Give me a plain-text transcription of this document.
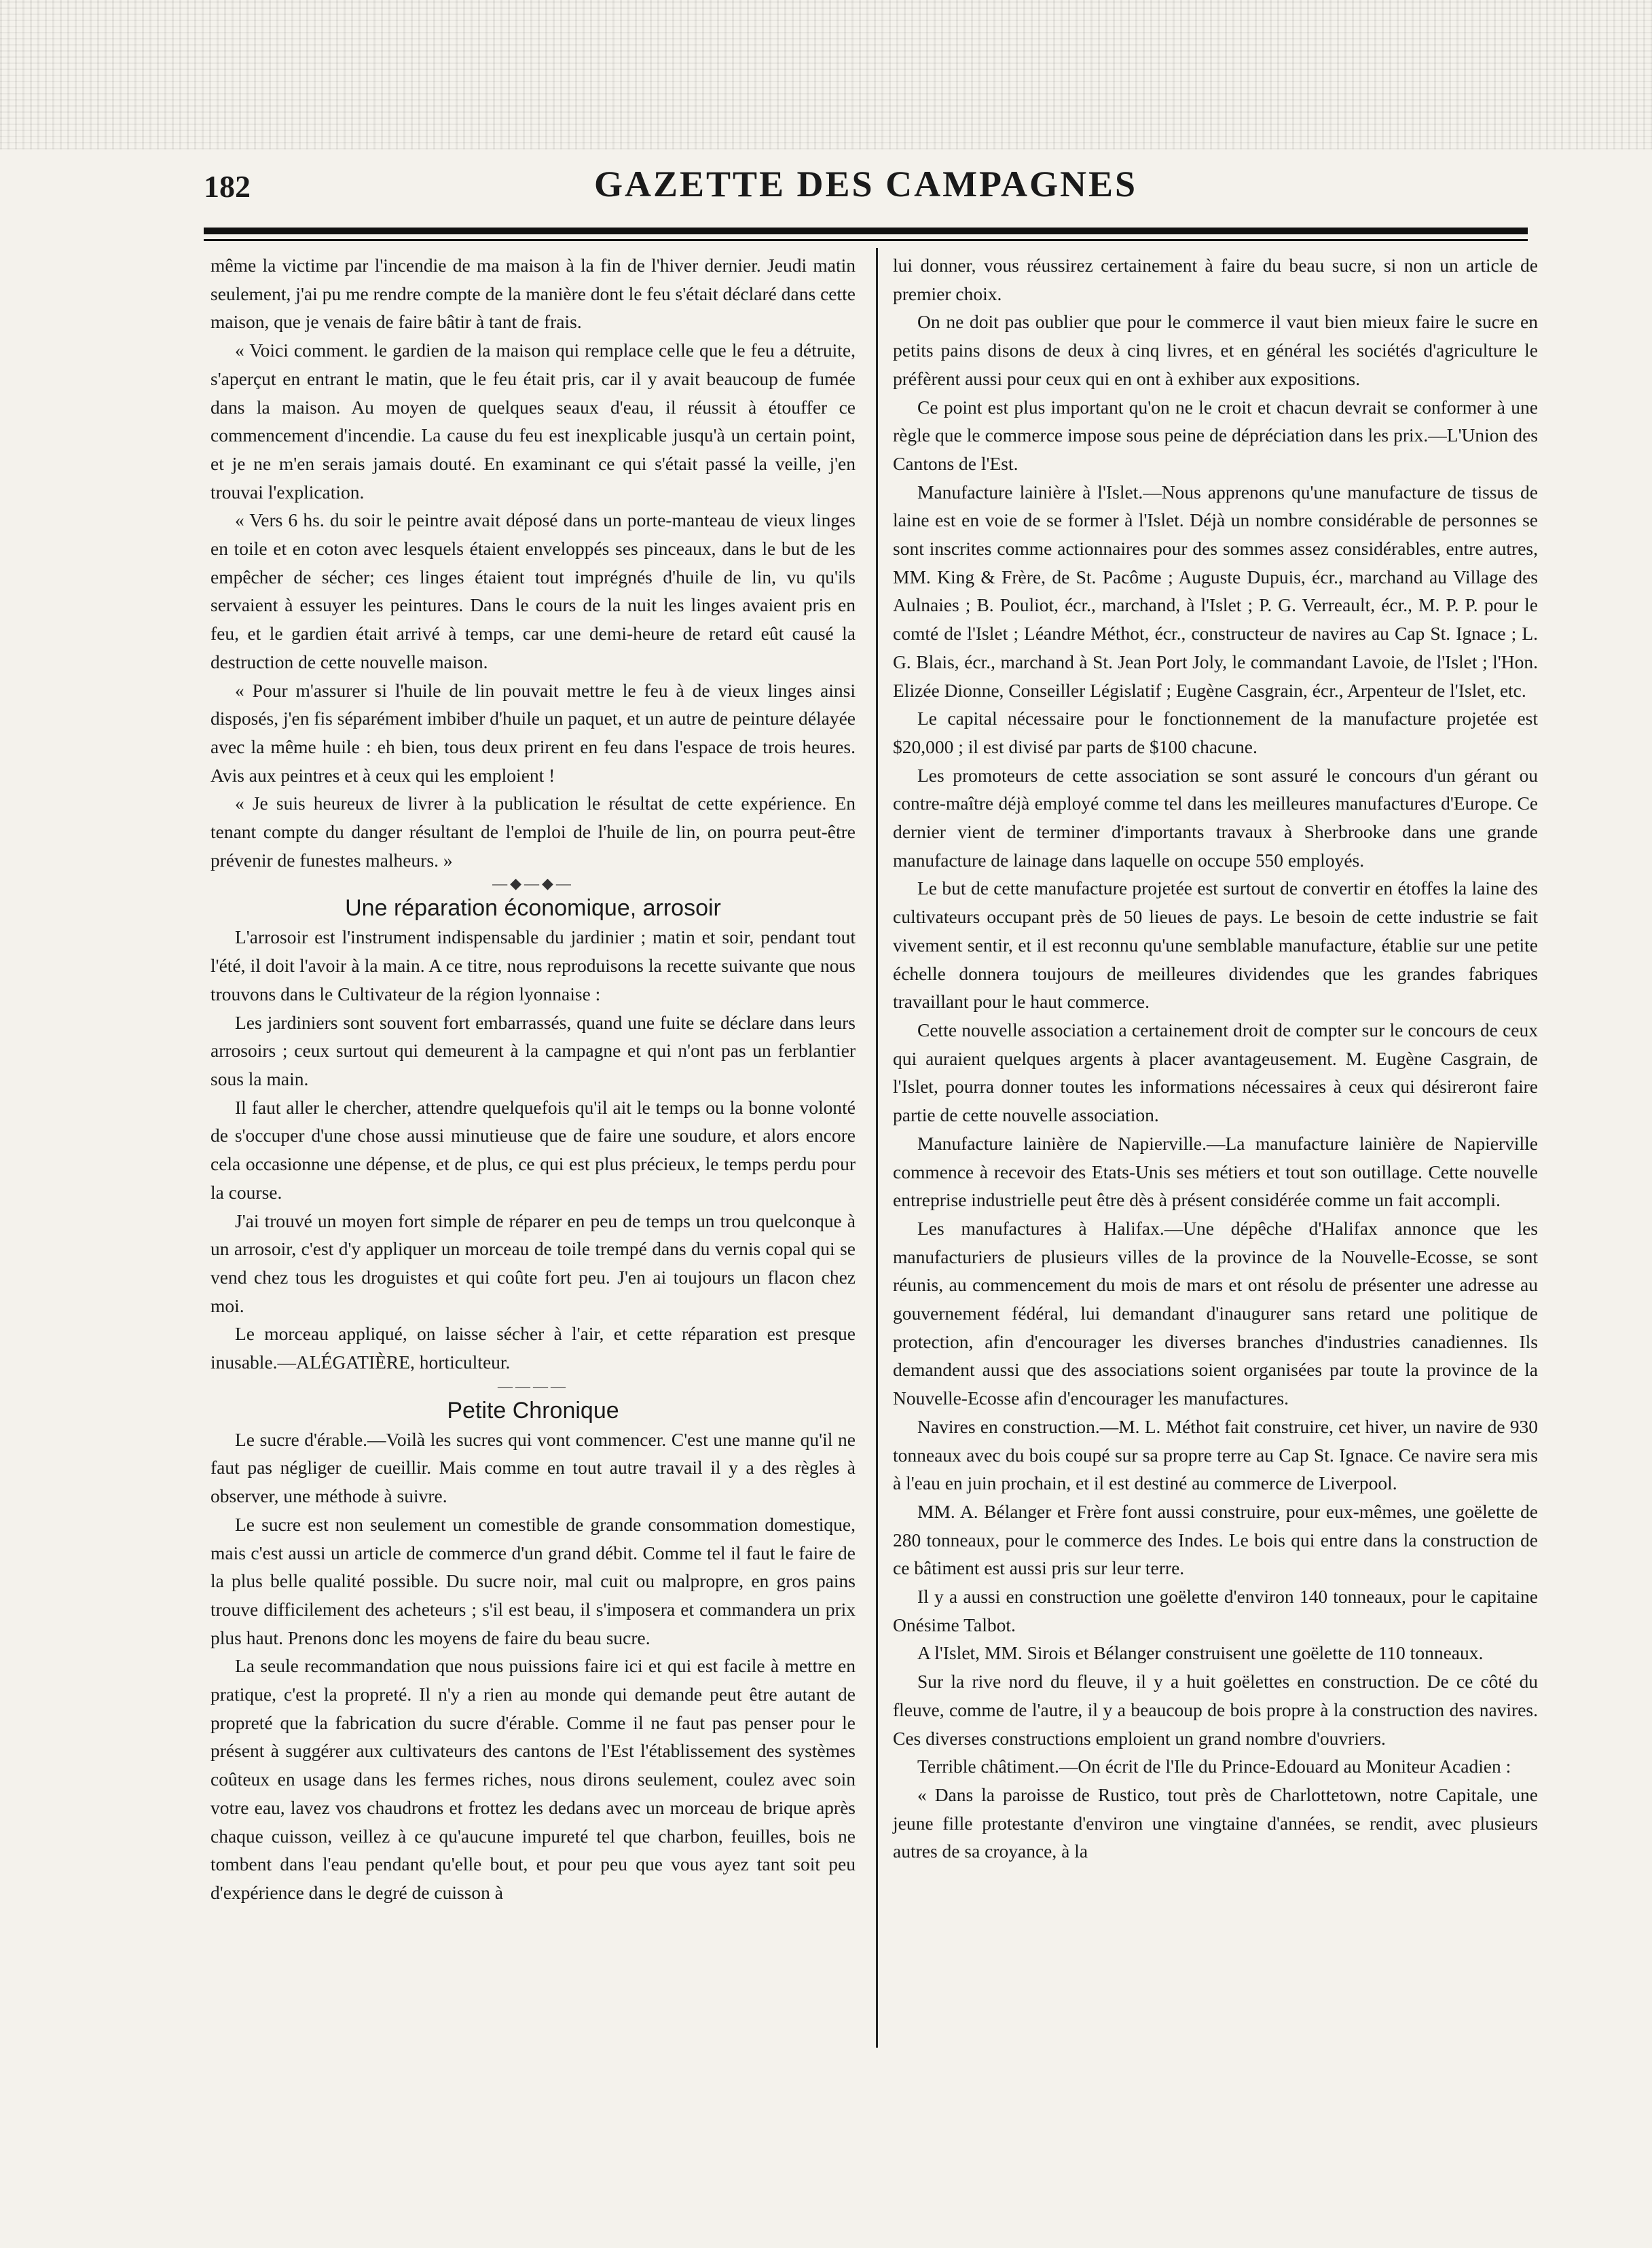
182	GAZETTE DES CAMPAGNES

même la victime par l'incendie de ma maison à la fin de l'hiver dernier. Jeudi matin seulement, j'ai pu me rendre compte de la manière dont le feu s'était déclaré dans cette maison, que je venais de faire bâtir à tant de frais.

« Voici comment. le gardien de la maison qui remplace celle que le feu a détruite, s'aperçut en entrant le matin, que le feu était pris, car il y avait beaucoup de fumée dans la maison. Au moyen de quelques seaux d'eau, il réussit à étouffer ce commencement d'incendie. La cause du feu est inexplicable jusqu'à un certain point, et je ne m'en serais jamais douté. En examinant ce qui s'était passé la veille, j'en trouvai l'explication.

« Vers 6 hs. du soir le peintre avait déposé dans un porte-manteau de vieux linges en toile et en coton avec lesquels étaient enveloppés ses pinceaux, dans le but de les empêcher de sécher; ces linges étaient tout imprégnés d'huile de lin, vu qu'ils servaient à essuyer les peintures. Dans le cours de la nuit les linges avaient pris en feu, et le gardien était arrivé à temps, car une demi-heure de retard eût causé la destruction de cette nouvelle maison.

« Pour m'assurer si l'huile de lin pouvait mettre le feu à de vieux linges ainsi disposés, j'en fis séparément imbiber d'huile un paquet, et un autre de peinture délayée avec la même huile : eh bien, tous deux prirent en feu dans l'espace de trois heures. Avis aux peintres et à ceux qui les emploient !

« Je suis heureux de livrer à la publication le résultat de cette expérience. En tenant compte du danger résultant de l'emploi de l'huile de lin, on pourra peut-être prévenir de funestes malheurs. »

—◆—◆—

Une réparation économique, arrosoir

L'arrosoir est l'instrument indispensable du jardinier ; matin et soir, pendant tout l'été, il doit l'avoir à la main. A ce titre, nous reproduisons la recette suivante que nous trouvons dans le Cultivateur de la région lyonnaise :

Les jardiniers sont souvent fort embarrassés, quand une fuite se déclare dans leurs arrosoirs ; ceux surtout qui demeurent à la campagne et qui n'ont pas un ferblantier sous la main.

Il faut aller le chercher, attendre quelquefois qu'il ait le temps ou la bonne volonté de s'occuper d'une chose aussi minutieuse que de faire une soudure, et alors encore cela occasionne une dépense, et de plus, ce qui est plus précieux, le temps perdu pour la course.

J'ai trouvé un moyen fort simple de réparer en peu de temps un trou quelconque à un arrosoir, c'est d'y appliquer un morceau de toile trempé dans du vernis copal qui se vend chez tous les droguistes et qui coûte fort peu. J'en ai toujours un flacon chez moi.

Le morceau appliqué, on laisse sécher à l'air, et cette réparation est presque inusable.—ALÉGATIÈRE, horticulteur.

————

Petite Chronique

Le sucre d'érable.—Voilà les sucres qui vont commencer. C'est une manne qu'il ne faut pas négliger de cueillir. Mais comme en tout autre travail il y a des règles à observer, une méthode à suivre.

Le sucre est non seulement un comestible de grande consommation domestique, mais c'est aussi un article de commerce d'un grand débit. Comme tel il faut le faire de la plus belle qualité possible. Du sucre noir, mal cuit ou malpropre, en gros pains trouve difficilement des acheteurs ; s'il est beau, il s'imposera et commandera un prix plus haut. Prenons donc les moyens de faire du beau sucre.

La seule recommandation que nous puissions faire ici et qui est facile à mettre en pratique, c'est la propreté. Il n'y a rien au monde qui demande peut être autant de propreté que la fabrication du sucre d'érable. Comme il ne faut pas penser pour le présent à suggérer aux cultivateurs des cantons de l'Est l'établissement des systèmes coûteux en usage dans les fermes riches, nous dirons seulement, coulez avec soin votre eau, lavez vos chaudrons et frottez les dedans avec un morceau de brique après chaque cuisson, veillez à ce qu'aucune impureté tel que charbon, feuilles, bois ne tombent dans l'eau pendant qu'elle bout, et pour peu que vous ayez tant soit peu d'expérience dans le degré de cuisson à

lui donner, vous réussirez certainement à faire du beau sucre, si non un article de premier choix.

On ne doit pas oublier que pour le commerce il vaut bien mieux faire le sucre en petits pains disons de deux à cinq livres, et en général les sociétés d'agriculture le préfèrent aussi pour ceux qui en ont à exhiber aux expositions.

Ce point est plus important qu'on ne le croit et chacun devrait se conformer à une règle que le commerce impose sous peine de dépréciation dans les prix.—L'Union des Cantons de l'Est.

Manufacture lainière à l'Islet.—Nous apprenons qu'une manufacture de tissus de laine est en voie de se former à l'Islet. Déjà un nombre considérable de personnes se sont inscrites comme actionnaires pour des sommes assez considérables, entre autres, MM. King & Frère, de St. Pacôme ; Auguste Dupuis, écr., marchand au Village des Aulnaies ; B. Pouliot, écr., marchand, à l'Islet ; P. G. Verreault, écr., M. P. P. pour le comté de l'Islet ; Léandre Méthot, écr., constructeur de navires au Cap St. Ignace ; L. G. Blais, écr., marchand à St. Jean Port Joly, le commandant Lavoie, de l'Islet ; l'Hon. Elizée Dionne, Conseiller Législatif ; Eugène Casgrain, écr., Arpenteur de l'Islet, etc.

Le capital nécessaire pour le fonctionnement de la manufacture projetée est $20,000 ; il est divisé par parts de $100 chacune.

Les promoteurs de cette association se sont assuré le concours d'un gérant ou contre-maître déjà employé comme tel dans les meilleures manufactures d'Europe. Ce dernier vient de terminer d'importants travaux à Sherbrooke dans une grande manufacture de lainage dans laquelle on occupe 550 employés.

Le but de cette manufacture projetée est surtout de convertir en étoffes la laine des cultivateurs occupant près de 50 lieues de pays. Le besoin de cette industrie se fait vivement sentir, et il est reconnu qu'une semblable manufacture, établie sur une petite échelle donnera toujours de meilleures dividendes que les grandes fabriques travaillant pour le haut commerce.

Cette nouvelle association a certainement droit de compter sur le concours de ceux qui auraient quelques argents à placer avantageusement. M. Eugène Casgrain, de l'Islet, pourra donner toutes les informations nécessaires à ceux qui désireront faire partie de cette nouvelle association.

Manufacture lainière de Napierville.—La manufacture lainière de Napierville commence à recevoir des Etats-Unis ses métiers et tout son outillage. Cette nouvelle entreprise industrielle peut être dès à présent considérée comme un fait accompli.

Les manufactures à Halifax.—Une dépêche d'Halifax annonce que les manufacturiers de plusieurs villes de la province de la Nouvelle-Ecosse, se sont réunis, au commencement du mois de mars et ont résolu de présenter une adresse au gouvernement fédéral, lui demandant d'inaugurer sans retard une politique de protection, afin d'encourager les diverses branches d'industries canadiennes. Ils demandent aussi que des associations soient organisées par toute la province de la Nouvelle-Ecosse afin d'encourager les manufactures.

Navires en construction.—M. L. Méthot fait construire, cet hiver, un navire de 930 tonneaux avec du bois coupé sur sa propre terre au Cap St. Ignace. Ce navire sera mis à l'eau en juin prochain, et il est destiné au commerce de Liverpool.

MM. A. Bélanger et Frère font aussi construire, pour eux-mêmes, une goëlette de 280 tonneaux, pour le commerce des Indes. Le bois qui entre dans la construction de ce bâtiment est aussi pris sur leur terre.

Il y a aussi en construction une goëlette d'environ 140 tonneaux, pour le capitaine Onésime Talbot.

A l'Islet, MM. Sirois et Bélanger construisent une goëlette de 110 tonneaux.

Sur la rive nord du fleuve, il y a huit goëlettes en construction. De ce côté du fleuve, comme de l'autre, il y a beaucoup de bois propre à la construction des navires. Ces diverses constructions emploient un grand nombre d'ouvriers.

Terrible châtiment.—On écrit de l'Ile du Prince-Edouard au Moniteur Acadien :

« Dans la paroisse de Rustico, tout près de Charlottetown, notre Capitale, une jeune fille protestante d'environ une vingtaine d'années, se rendit, avec plusieurs autres de sa croyance, à la
